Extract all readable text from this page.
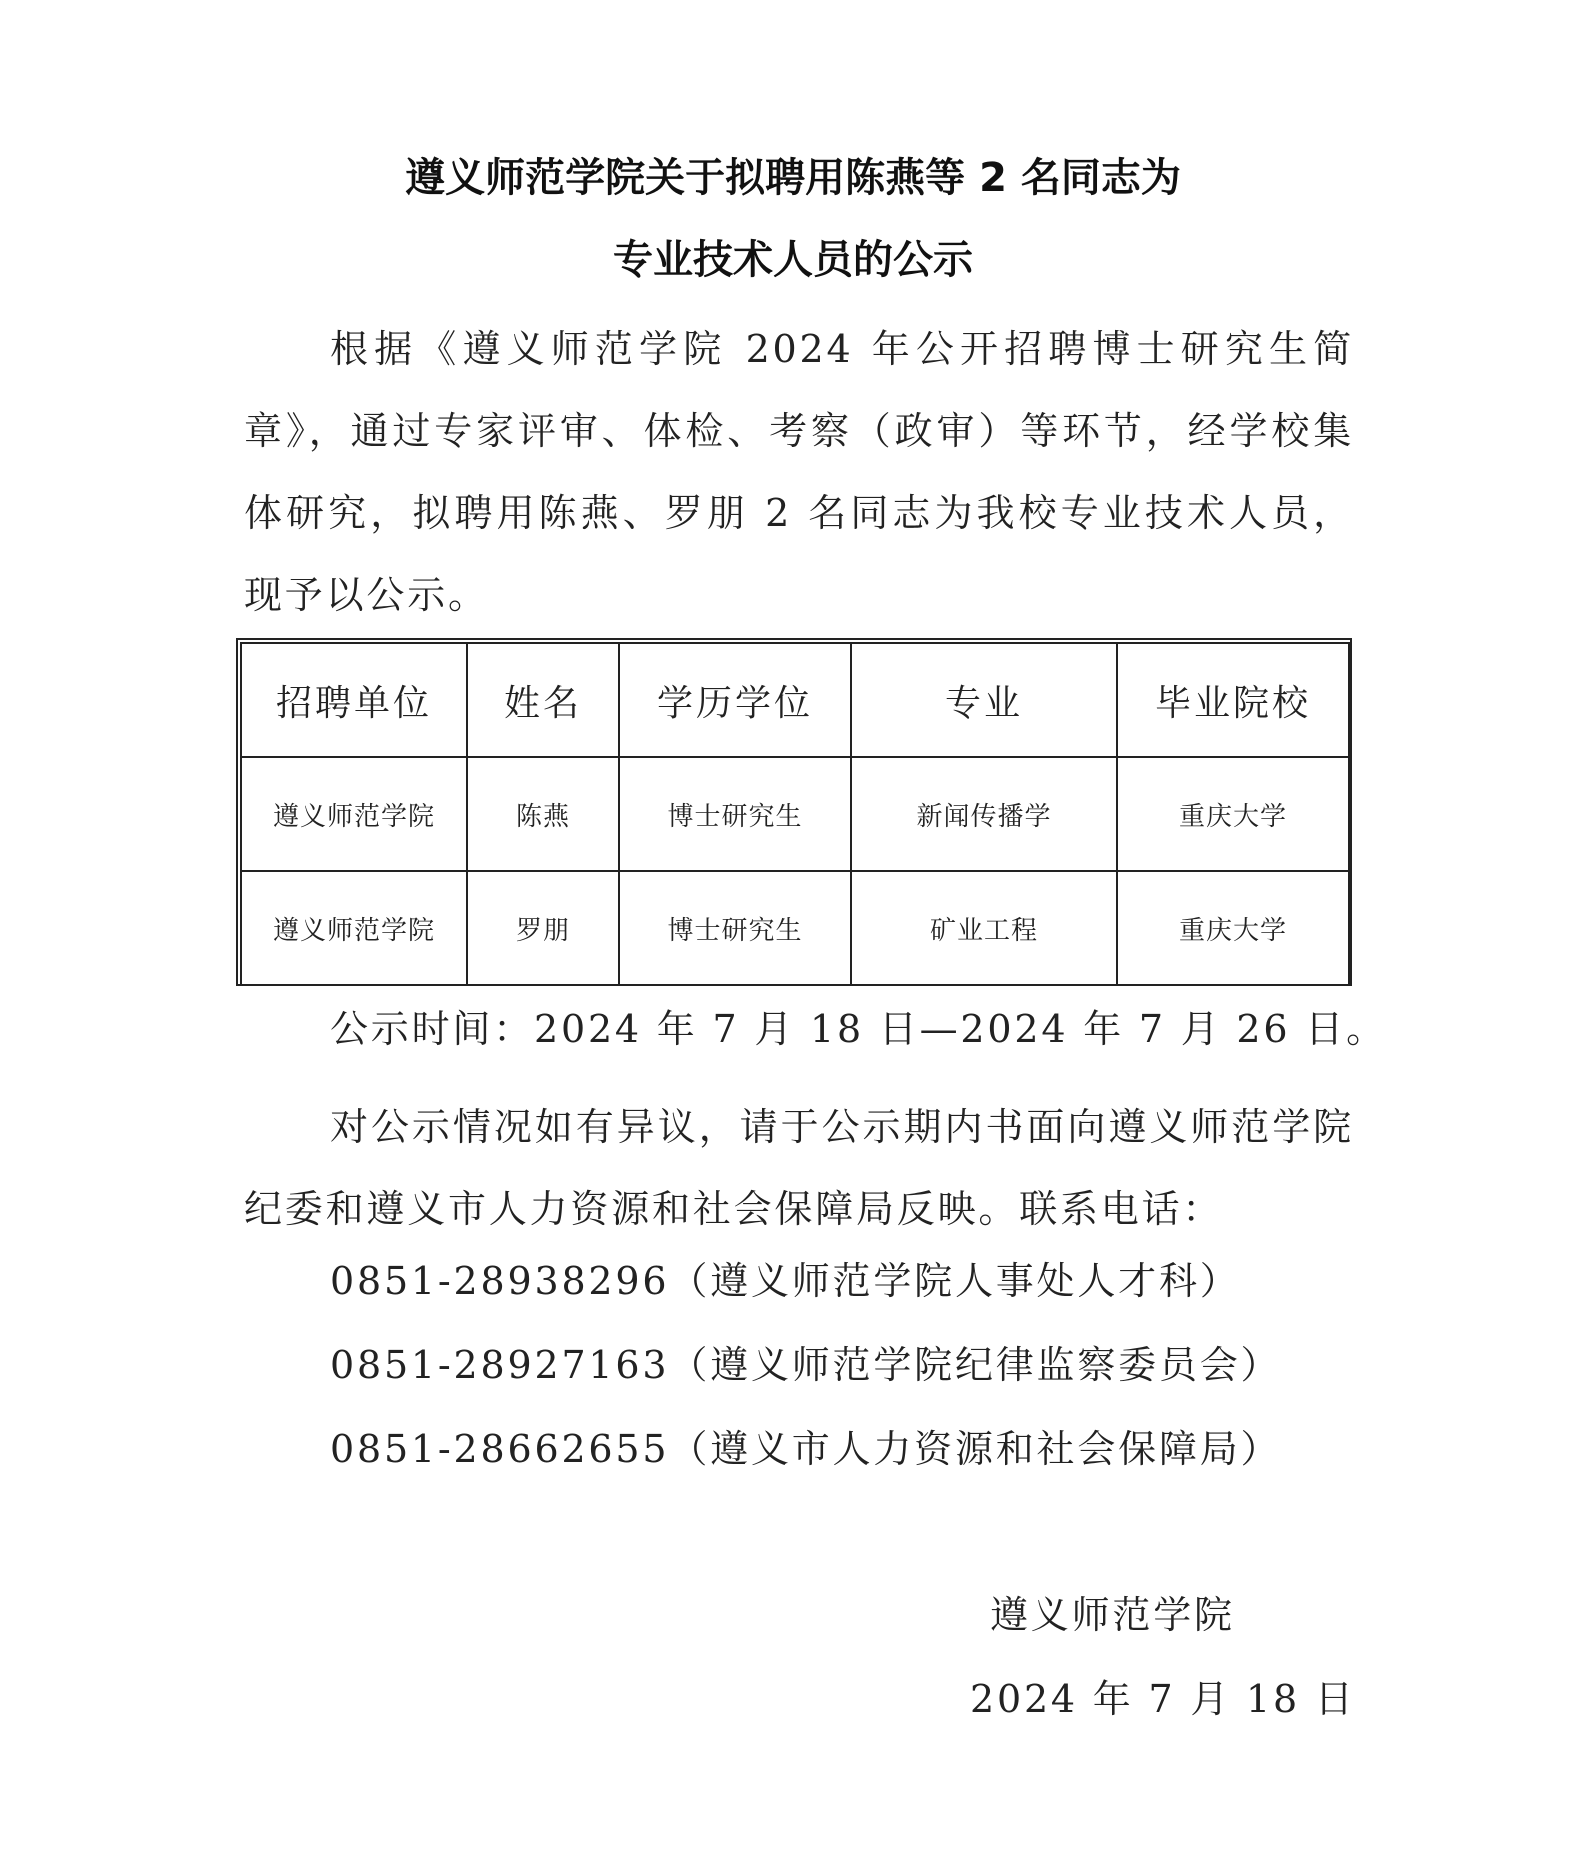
遵义师范学院关于拟聘用陈燕等 2 名同志为
专业技术人员的公示
根据《遵义师范学院 2024 年公开招聘博士研究生简章》，通过专家评审、体检、考察（政审）等环节，经学校集体研究，拟聘用陈燕、罗朋 2 名同志为我校专业技术人员，现予以公示。
招聘单位	姓名	学历学位	专业	毕业院校
遵义师范学院	陈燕	博士研究生	新闻传播学	重庆大学
遵义师范学院	罗朋	博士研究生	矿业工程	重庆大学
公示时间：2024 年 7 月 18 日—2024 年 7 月 26 日。
对公示情况如有异议，请于公示期内书面向遵义师范学院纪委和遵义市人力资源和社会保障局反映。联系电话：
0851-28938296（遵义师范学院人事处人才科）
0851-28927163（遵义师范学院纪律监察委员会）
0851-28662655（遵义市人力资源和社会保障局）
遵义师范学院
2024 年 7 月 18 日
